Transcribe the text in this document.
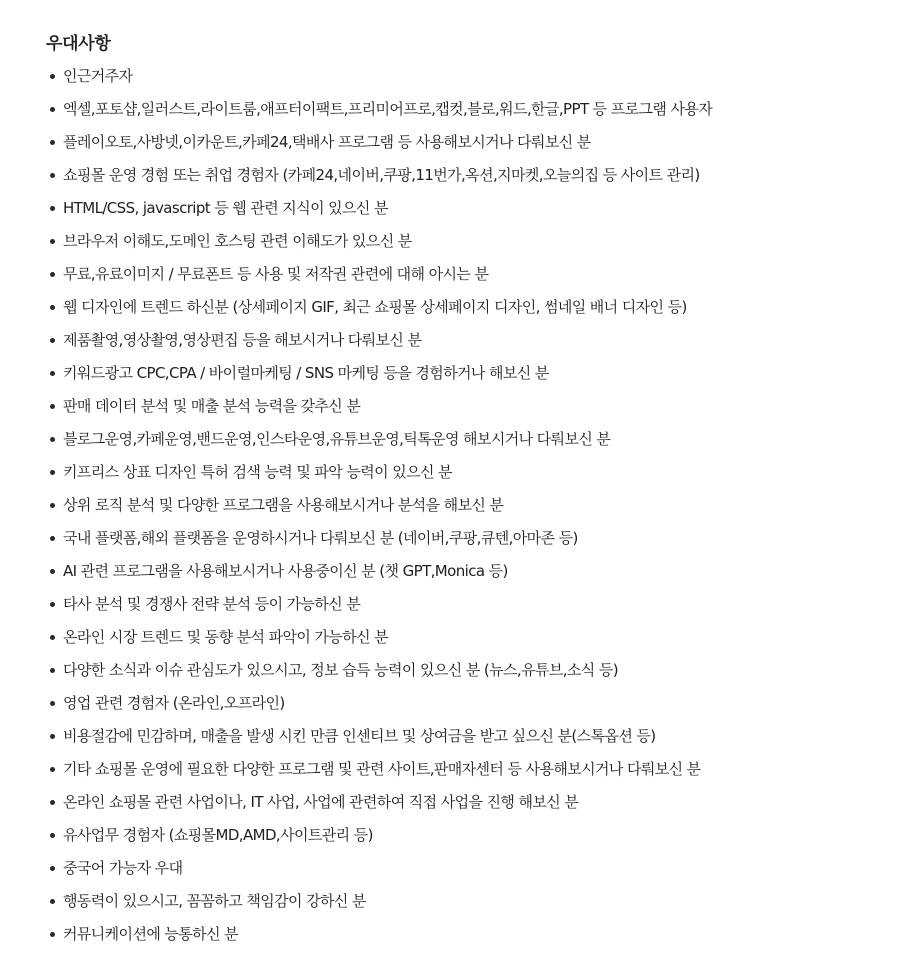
우대사항
인근거주자
엑셀,포토샵,일러스트,라이트룸,애프터이팩트,프리미어프로,캡컷,블로,워드,한글,PPT 등 프로그램 사용자
플레이오토,사방넷,이카운트,카페24,택배사 프로그램 등 사용해보시거나 다뤄보신 분
쇼핑몰 운영 경험 또는 취업 경험자 (카페24,네이버,쿠팡,11번가,옥션,지마켓,오늘의집 등 사이트 관리)
HTML/CSS, javascript 등 웹 관련 지식이 있으신 분
브라우저 이해도,도메인 호스팅 관련 이해도가 있으신 분
무료,유료이미지 / 무료폰트 등 사용 및 저작권 관련에 대해 아시는 분
웹 디자인에 트렌드 하신분 (상세페이지 GIF, 최근 쇼핑몰 상세페이지 디자인, 썸네일 배너 디자인 등)
제품촬영,영상촬영,영상편집 등을 해보시거나 다뤄보신 분
키워드광고 CPC,CPA / 바이럴마케팅 / SNS 마케팅 등을 경험하거나 해보신 분
판매 데이터 분석 및 매출 분석 능력을 갖추신 분
블로그운영,카페운영,밴드운영,인스타운영,유튜브운영,틱톡운영 해보시거나 다뤄보신 분
키프리스 상표 디자인 특허 검색 능력 및 파악 능력이 있으신 분
상위 로직 분석 및 다양한 프로그램을 사용해보시거나 분석을 해보신 분
국내 플랫폼,해외 플랫폼을 운영하시거나 다뤄보신 분 (네이버,쿠팡,큐텐,아마존 등)
AI 관련 프로그램을 사용해보시거나 사용중이신 분 (챗 GPT,Monica 등)
타사 분석 및 경쟁사 전략 분석 등이 가능하신 분
온라인 시장 트렌드 및 동향 분석 파악이 가능하신 분
다양한 소식과 이슈 관심도가 있으시고, 정보 습득 능력이 있으신 분 (뉴스,유튜브,소식 등)
영업 관련 경험자 (온라인,오프라인)
비용절감에 민감하며, 매출을 발생 시킨 만큼 인센티브 및 상여금을 받고 싶으신 분(스톡옵션 등)
기타 쇼핑몰 운영에 필요한 다양한 프로그램 및 관련 사이트,판매자센터 등 사용해보시거나 다뤄보신 분
온라인 쇼핑몰 관련 사업이나, IT 사업, 사업에 관련하여 직접 사업을 진행 해보신 분
유사업무 경험자 (쇼핑몰MD,AMD,사이트관리 등)
중국어 가능자 우대
행동력이 있으시고, 꼼꼼하고 책임감이 강하신 분
커뮤니케이션에 능통하신 분
